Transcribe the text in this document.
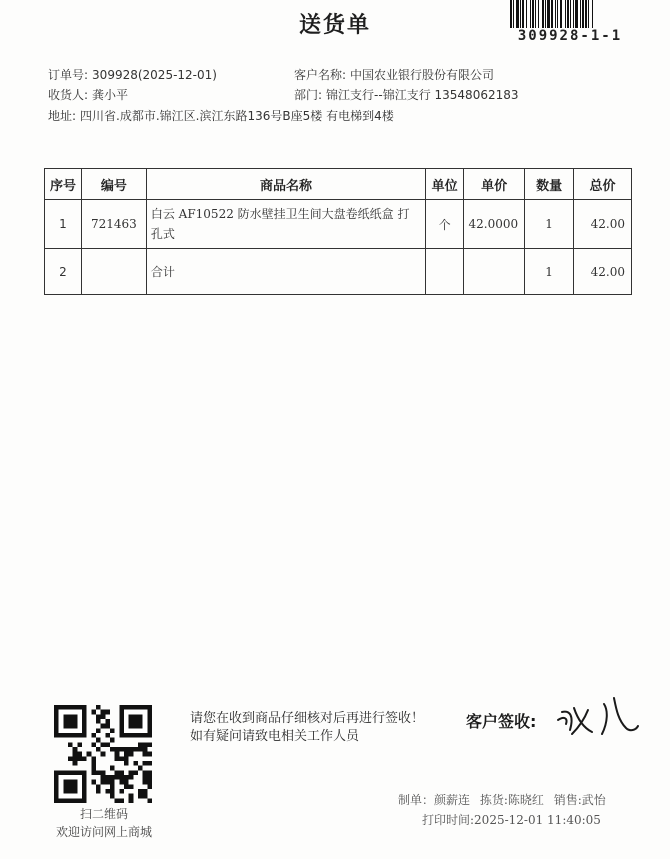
送货单	309928-1-1
订单号: 309928(2025-12-01)	客户名称: 中国农业银行股份有限公司
收货人: 龚小平	部门: 锦江支行--锦江支行 13548062183
地址: 四川省.成都市.锦江区.滨江东路136号B座5楼 有电梯到4楼
序号	编号	商品名称	单位	单价	数量	总价
1	721463	白云 AF10522 防水壁挂卫生间大盘卷纸纸盒 打孔式	个	42.0000	1	42.00
2		合计			1	42.00
扫二维码
欢迎访问网上商城
请您在收到商品仔细核对后再进行签收！如有疑问请致电相关工作人员
客户签收:
制单：颜薪连 拣货:陈晓红 销售:武怡
打印时间:2025-12-01 11:40:05
